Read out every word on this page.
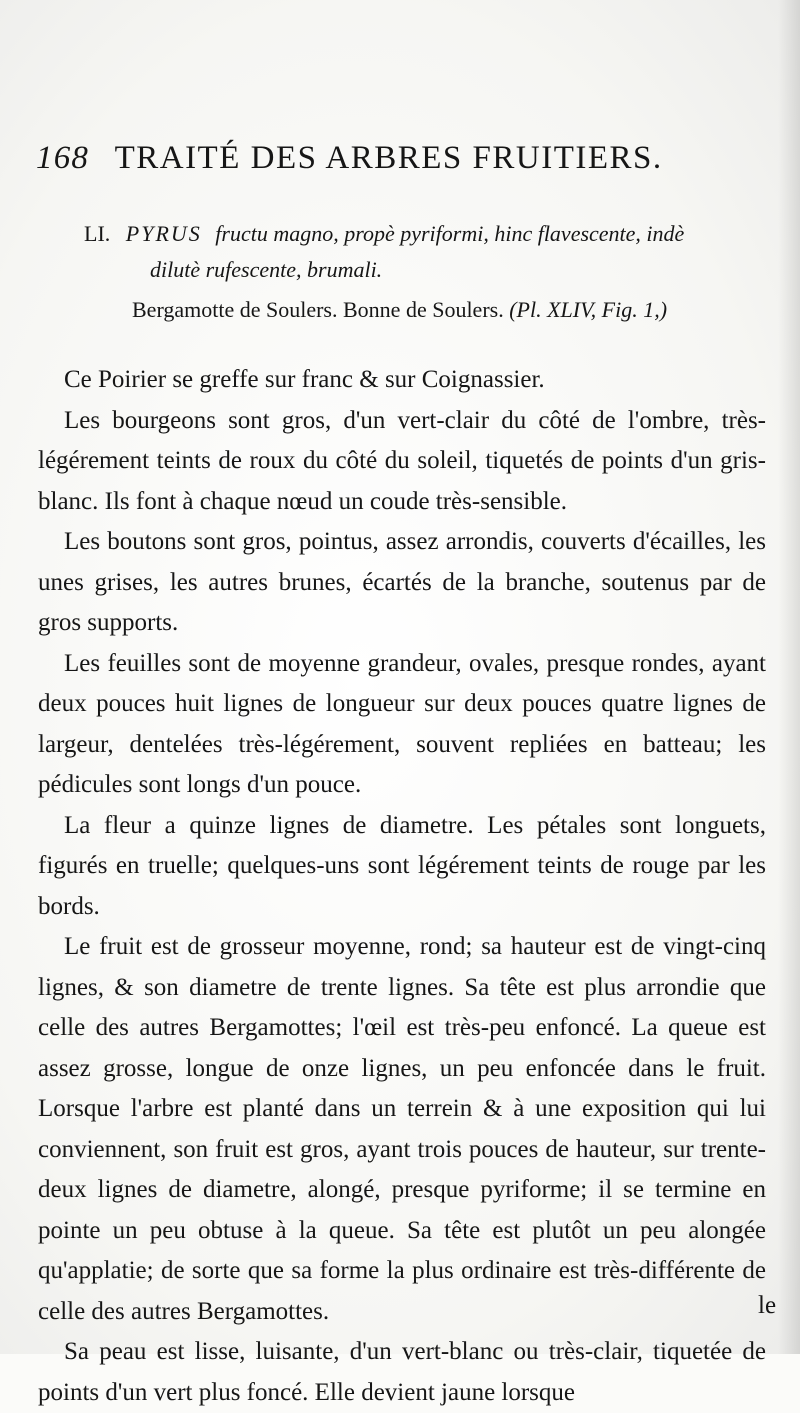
168 TRAITÉ DES ARBRES FRUITIERS.
LI. PYRUS fructu magno, propè pyriformi, hinc flavescente, indè
dilutè rufescente, brumali.
Bergamotte de Soulers. Bonne de Soulers. (Pl. XLIV, Fig. 1,)

Ce Poirier se greffe sur franc & sur Coignassier.

Les bourgeons sont gros, d'un vert-clair du côté de l'ombre, très-légérement teints de roux du côté du soleil, tiquetés de points d'un gris-blanc. Ils font à chaque nœud un coude très-sensible.

Les boutons sont gros, pointus, assez arrondis, couverts d'écailles, les unes grises, les autres brunes, écartés de la branche, soutenus par de gros supports.

Les feuilles sont de moyenne grandeur, ovales, presque rondes, ayant deux pouces huit lignes de longueur sur deux pouces quatre lignes de largeur, dentelées très-légérement, souvent repliées en batteau; les pédicules sont longs d'un pouce.

La fleur a quinze lignes de diametre. Les pétales sont longuets, figurés en truelle; quelques-uns sont légérement teints de rouge par les bords.

Le fruit est de grosseur moyenne, rond; sa hauteur est de vingt-cinq lignes, & son diametre de trente lignes. Sa tête est plus arrondie que celle des autres Bergamottes; l'œil est très-peu enfoncé. La queue est assez grosse, longue de onze lignes, un peu enfoncée dans le fruit. Lorsque l'arbre est planté dans un terrein & à une exposition qui lui conviennent, son fruit est gros, ayant trois pouces de hauteur, sur trente-deux lignes de diametre, alongé, presque pyriforme; il se termine en pointe un peu obtuse à la queue. Sa tête est plutôt un peu alongée qu'applatie; de sorte que sa forme la plus ordinaire est très-différente de celle des autres Bergamottes.

Sa peau est lisse, luisante, d'un vert-blanc ou très-clair, tiquetée de points d'un vert plus foncé. Elle devient jaune lorsque

le
